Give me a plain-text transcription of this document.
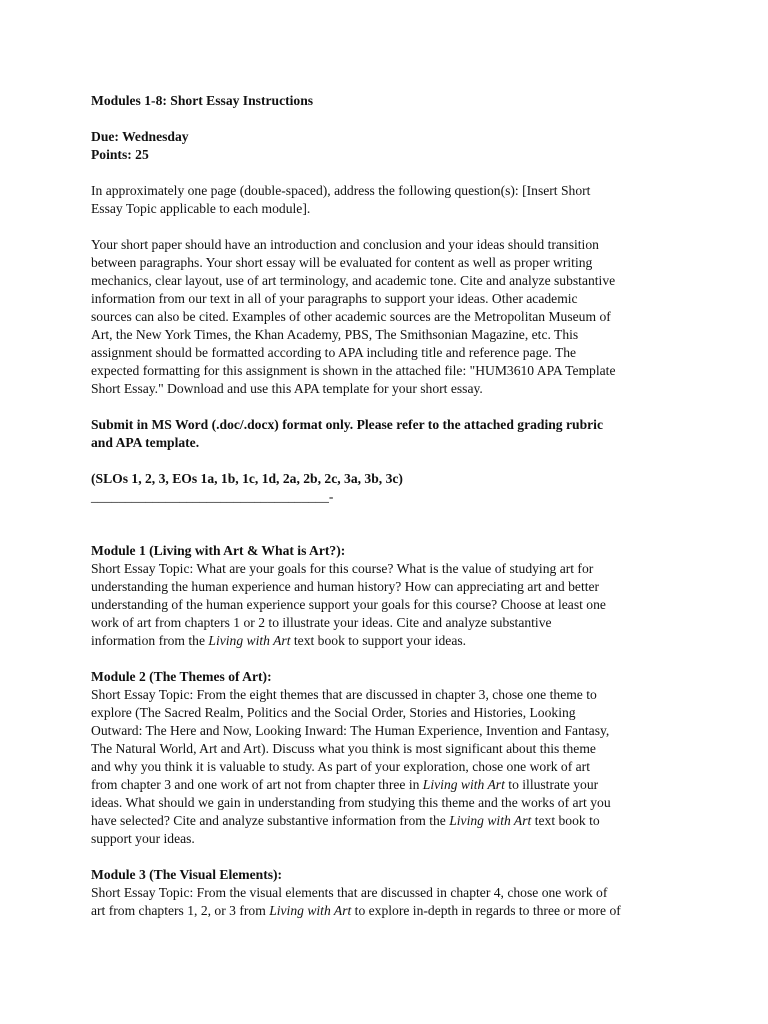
Modules 1-8: Short Essay Instructions
Due: Wednesday
Points: 25
In approximately one page (double-spaced), address the following question(s): [Insert Short
Essay Topic applicable to each module].
Your short paper should have an introduction and conclusion and your ideas should transition
between paragraphs. Your short essay will be evaluated for content as well as proper writing
mechanics, clear layout, use of art terminology, and academic tone. Cite and analyze substantive
information from our text in all of your paragraphs to support your ideas. Other academic
sources can also be cited. Examples of other academic sources are the Metropolitan Museum of
Art, the New York Times, the Khan Academy, PBS, The Smithsonian Magazine, etc. This
assignment should be formatted according to APA including title and reference page. The
expected formatting for this assignment is shown in the attached file: "HUM3610 APA Template
Short Essay." Download and use this APA template for your short essay.
Submit in MS Word (.doc/.docx) format only. Please refer to the attached grading rubric
and APA template.
(SLOs 1, 2, 3, EOs 1a, 1b, 1c, 1d, 2a, 2b, 2c, 3a, 3b, 3c)
___________________________________-
Module 1 (Living with Art & What is Art?):
Short Essay Topic: What are your goals for this course? What is the value of studying art for
understanding the human experience and human history? How can appreciating art and better
understanding of the human experience support your goals for this course? Choose at least one
work of art from chapters 1 or 2 to illustrate your ideas. Cite and analyze substantive
information from the Living with Art text book to support your ideas.
Module 2 (The Themes of Art):
Short Essay Topic: From the eight themes that are discussed in chapter 3, chose one theme to
explore (The Sacred Realm, Politics and the Social Order, Stories and Histories, Looking
Outward: The Here and Now, Looking Inward: The Human Experience, Invention and Fantasy,
The Natural World, Art and Art). Discuss what you think is most significant about this theme
and why you think it is valuable to study. As part of your exploration, chose one work of art
from chapter 3 and one work of art not from chapter three in Living with Art to illustrate your
ideas. What should we gain in understanding from studying this theme and the works of art you
have selected? Cite and analyze substantive information from the Living with Art text book to
support your ideas.
Module 3 (The Visual Elements):
Short Essay Topic: From the visual elements that are discussed in chapter 4, chose one work of
art from chapters 1, 2, or 3 from Living with Art to explore in-depth in regards to three or more of
